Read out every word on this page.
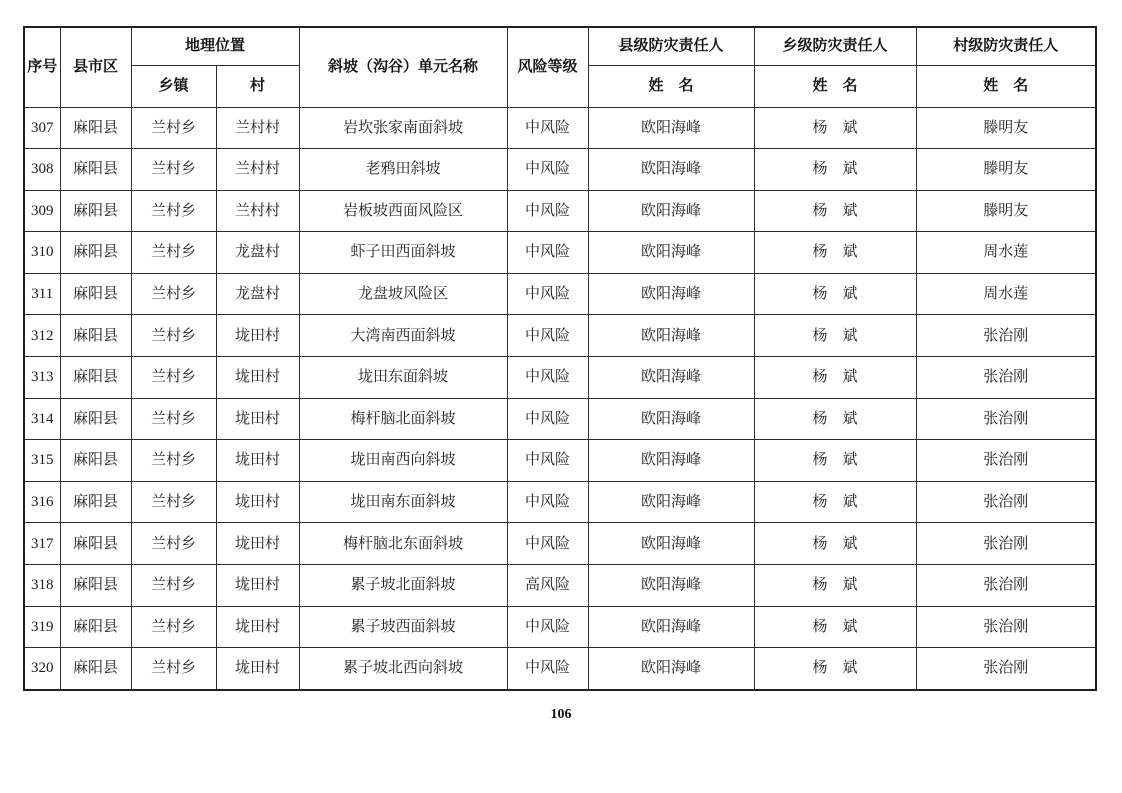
序号	县市区	地理位置		斜坡（沟谷）单元名称	风险等级	县级防灾责任人	乡级防灾责任人	村级防灾责任人
		乡镇	村			姓　名	姓　名	姓　名
307	麻阳县	兰村乡	兰村村	岩坎张家南面斜坡	中风险	欧阳海峰	杨　斌	滕明友
308	麻阳县	兰村乡	兰村村	老鸦田斜坡	中风险	欧阳海峰	杨　斌	滕明友
309	麻阳县	兰村乡	兰村村	岩板坡西面风险区	中风险	欧阳海峰	杨　斌	滕明友
310	麻阳县	兰村乡	龙盘村	虾子田西面斜坡	中风险	欧阳海峰	杨　斌	周水莲
311	麻阳县	兰村乡	龙盘村	龙盘坡风险区	中风险	欧阳海峰	杨　斌	周水莲
312	麻阳县	兰村乡	垅田村	大湾南西面斜坡	中风险	欧阳海峰	杨　斌	张治刚
313	麻阳县	兰村乡	垅田村	垅田东面斜坡	中风险	欧阳海峰	杨　斌	张治刚
314	麻阳县	兰村乡	垅田村	梅杆脑北面斜坡	中风险	欧阳海峰	杨　斌	张治刚
315	麻阳县	兰村乡	垅田村	垅田南西向斜坡	中风险	欧阳海峰	杨　斌	张治刚
316	麻阳县	兰村乡	垅田村	垅田南东面斜坡	中风险	欧阳海峰	杨　斌	张治刚
317	麻阳县	兰村乡	垅田村	梅杆脑北东面斜坡	中风险	欧阳海峰	杨　斌	张治刚
318	麻阳县	兰村乡	垅田村	累子坡北面斜坡	高风险	欧阳海峰	杨　斌	张治刚
319	麻阳县	兰村乡	垅田村	累子坡西面斜坡	中风险	欧阳海峰	杨　斌	张治刚
320	麻阳县	兰村乡	垅田村	累子坡北西向斜坡	中风险	欧阳海峰	杨　斌	张治刚
106
